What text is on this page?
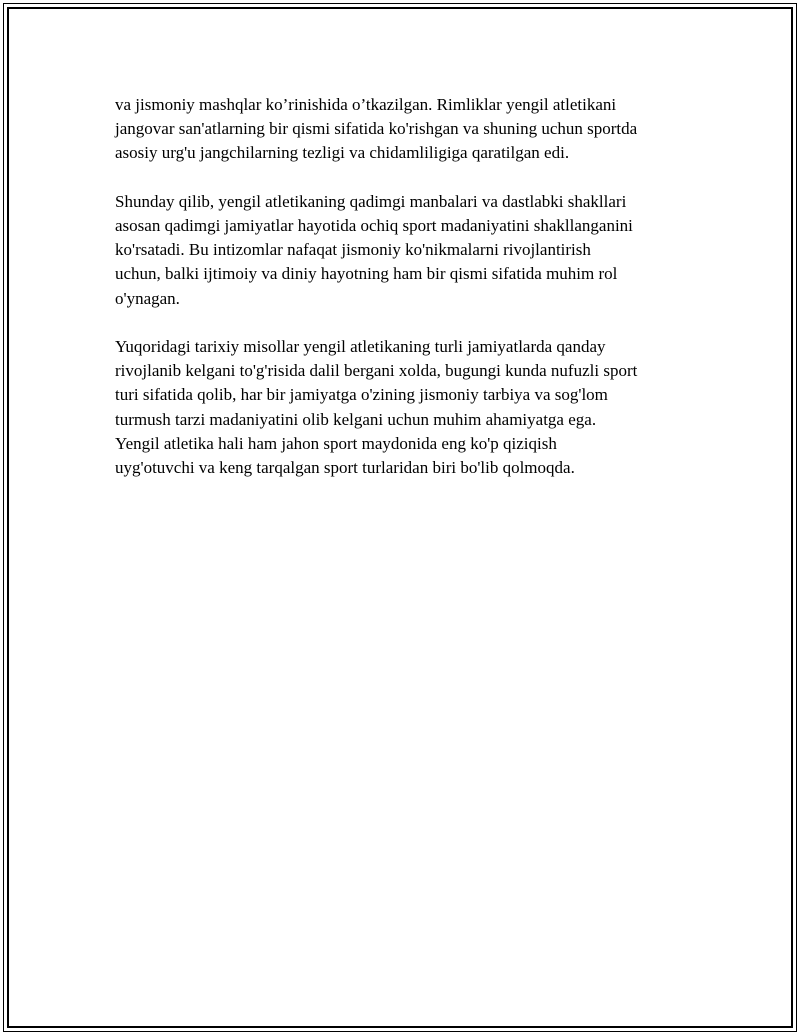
va jismoniy mashqlar ko’rinishida o’tkazilgan. Rimliklar yengil atletikani
jangovar san'atlarning bir qismi sifatida ko'rishgan va shuning uchun sportda
asosiy urg'u jangchilarning tezligi va chidamliligiga qaratilgan edi.

Shunday qilib, yengil atletikaning qadimgi manbalari va dastlabki shakllari
asosan qadimgi jamiyatlar hayotida ochiq sport madaniyatini shakllanganini
ko'rsatadi. Bu intizomlar nafaqat jismoniy ko'nikmalarni rivojlantirish
uchun, balki ijtimoiy va diniy hayotning ham bir qismi sifatida muhim rol
o'ynagan.

Yuqoridagi tarixiy misollar yengil atletikaning turli jamiyatlarda qanday
rivojlanib kelgani to'g'risida dalil bergani xolda, bugungi kunda nufuzli sport
turi sifatida qolib, har bir jamiyatga o'zining jismoniy tarbiya va sog'lom
turmush tarzi madaniyatini olib kelgani uchun muhim ahamiyatga ega.
Yengil atletika hali ham jahon sport maydonida eng ko'p qiziqish
uyg'otuvchi va keng tarqalgan sport turlaridan biri bo'lib qolmoqda.
